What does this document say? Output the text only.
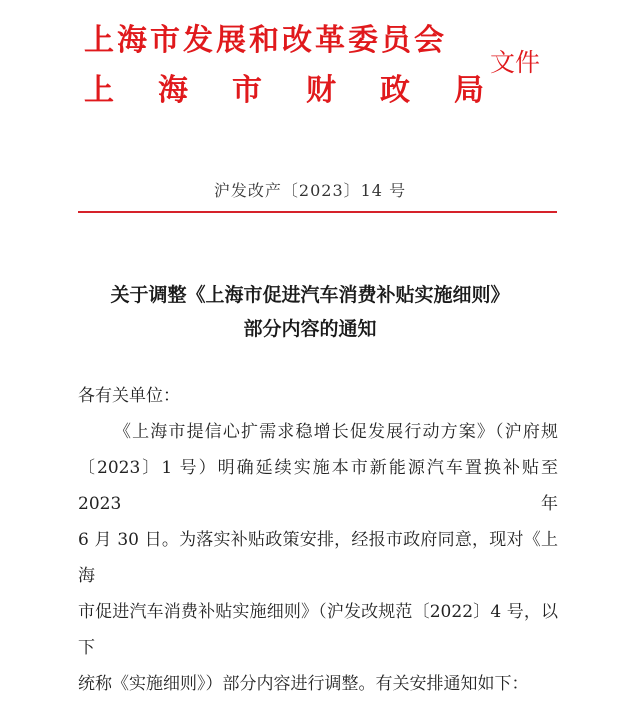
上海市发展和改革委员会
上 海 市 财 政 局
文件
沪发改产〔2023〕14 号
关于调整《上海市促进汽车消费补贴实施细则》
部分内容的通知

各有关单位：

《上海市提信心扩需求稳增长促发展行动方案》（沪府规

〔2023〕1 号）明确延续实施本市新能源汽车置换补贴至 2023 年

6 月 30 日。为落实补贴政策安排，经报市政府同意，现对《上海

市促进汽车消费补贴实施细则》（沪发改规范〔2022〕4 号，以下

统称《实施细则》）部分内容进行调整。有关安排通知如下：
